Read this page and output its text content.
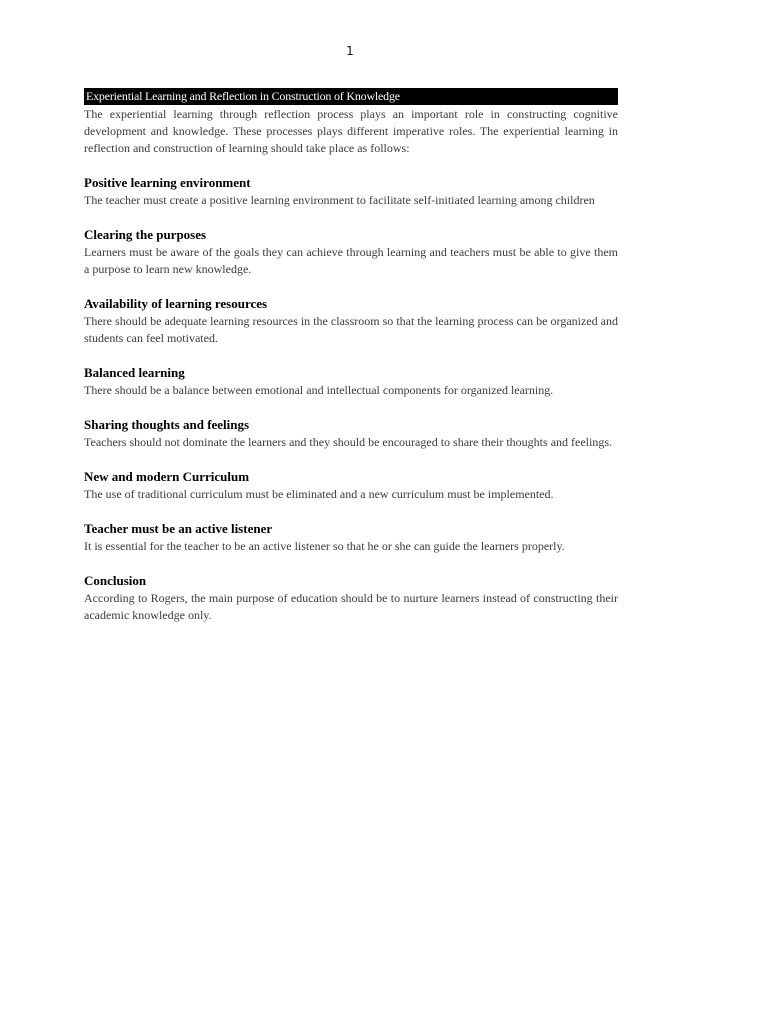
1
Experiential Learning and Reflection in Construction of Knowledge

The experiential learning through reflection process plays an important role in constructing cognitive development and knowledge. These processes plays different imperative roles. The experiential learning in reflection and construction of learning should take place as follows:

Positive learning environment

The teacher must create a positive learning environment to facilitate self-initiated learning among children

Clearing the purposes

Learners must be aware of the goals they can achieve through learning and teachers must be able to give them a purpose to learn new knowledge.

Availability of learning resources

There should be adequate learning resources in the classroom so that the learning process can be organized and students can feel motivated.

Balanced learning

There should be a balance between emotional and intellectual components for organized learning.

Sharing thoughts and feelings

Teachers should not dominate the learners and they should be encouraged to share their thoughts and feelings.

New and modern Curriculum

The use of traditional curriculum must be eliminated and a new curriculum must be implemented.

Teacher must be an active listener

It is essential for the teacher to be an active listener so that he or she can guide the learners properly.

Conclusion

According to Rogers, the main purpose of education should be to nurture learners instead of constructing their academic knowledge only.
